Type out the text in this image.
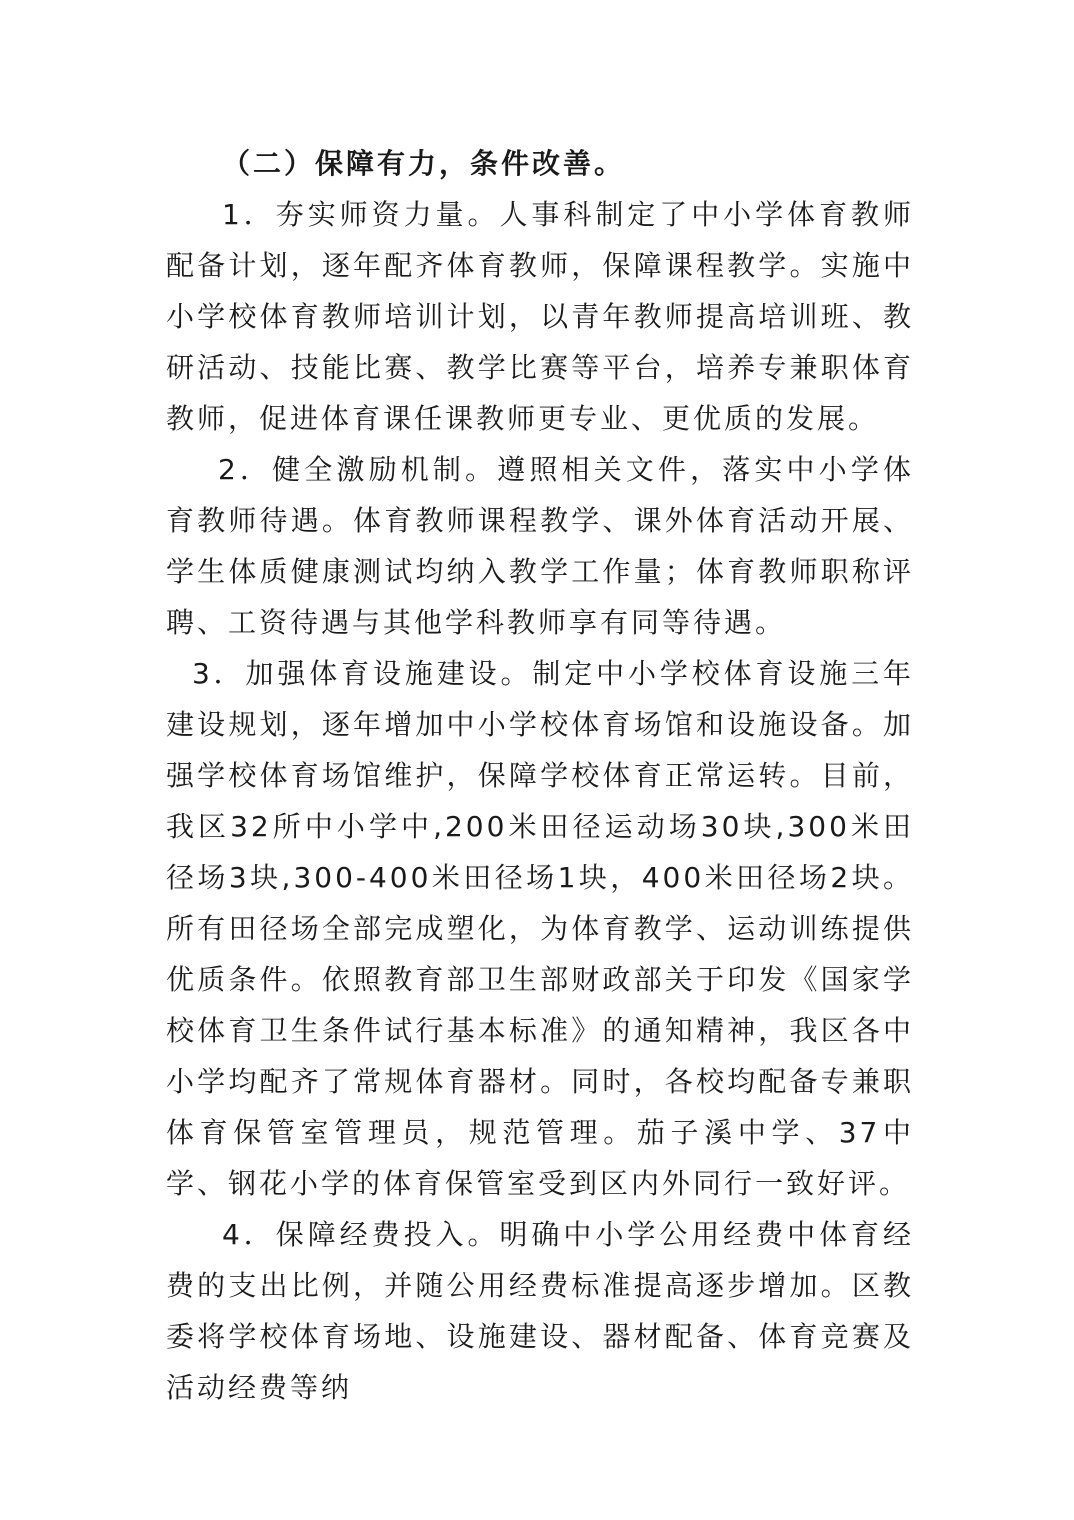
（二）保障有力，条件改善。

1．夯实师资力量。人事科制定了中小学体育教师配备计划，逐年配齐体育教师，保障课程教学。实施中小学校体育教师培训计划，以青年教师提高培训班、教研活动、技能比赛、教学比赛等平台，培养专兼职体育教师，促进体育课任课教师更专业、更优质的发展。

2．健全激励机制。遵照相关文件，落实中小学体育教师待遇。体育教师课程教学、课外体育活动开展、学生体质健康测试均纳入教学工作量；体育教师职称评聘、工资待遇与其他学科教师享有同等待遇。

3．加强体育设施建设。制定中小学校体育设施三年建设规划，逐年增加中小学校体育场馆和设施设备。加强学校体育场馆维护，保障学校体育正常运转。目前，我区32所中小学中,200米田径运动场30块,300米田径场3块,300-400米田径场1块，400米田径场2块。所有田径场全部完成塑化，为体育教学、运动训练提供优质条件。依照教育部卫生部财政部关于印发《国家学校体育卫生条件试行基本标准》的通知精神，我区各中小学均配齐了常规体育器材。同时，各校均配备专兼职体育保管室管理员，规范管理。茄子溪中学、37中学、钢花小学的体育保管室受到区内外同行一致好评。

4．保障经费投入。明确中小学公用经费中体育经费的支出比例，并随公用经费标准提高逐步增加。区教委将学校体育场地、设施建设、器材配备、体育竞赛及活动经费等纳
